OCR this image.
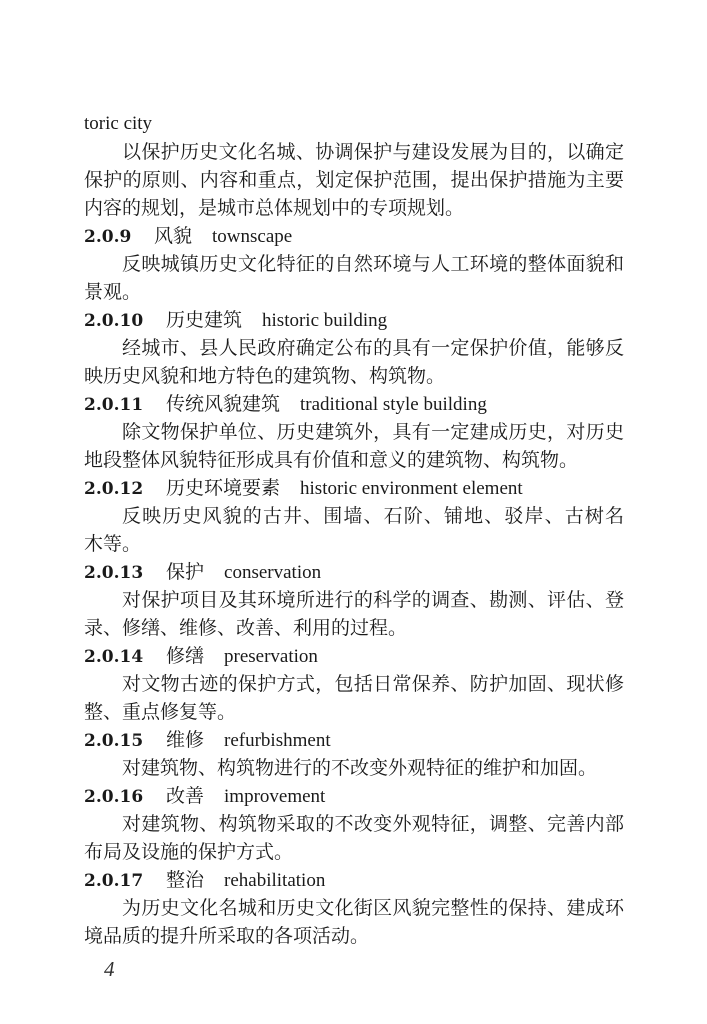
toric city
以保护历史文化名城、协调保护与建设发展为目的，以确定
保护的原则、内容和重点，划定保护范围，提出保护措施为主要
内容的规划，是城市总体规划中的专项规划。
2.0.9 风貌 townscape
反映城镇历史文化特征的自然环境与人工环境的整体面貌和
景观。
2.0.10 历史建筑 historic building
经城市、县人民政府确定公布的具有一定保护价值，能够反
映历史风貌和地方特色的建筑物、构筑物。
2.0.11 传统风貌建筑 traditional style building
除文物保护单位、历史建筑外，具有一定建成历史，对历史
地段整体风貌特征形成具有价值和意义的建筑物、构筑物。
2.0.12 历史环境要素 historic environment element
反映历史风貌的古井、围墙、石阶、铺地、驳岸、古树名
木等。
2.0.13 保护 conservation
对保护项目及其环境所进行的科学的调查、勘测、评估、登
录、修缮、维修、改善、利用的过程。
2.0.14 修缮 preservation
对文物古迹的保护方式，包括日常保养、防护加固、现状修
整、重点修复等。
2.0.15 维修 refurbishment
对建筑物、构筑物进行的不改变外观特征的维护和加固。
2.0.16 改善 improvement
对建筑物、构筑物采取的不改变外观特征，调整、完善内部
布局及设施的保护方式。
2.0.17 整治 rehabilitation
为历史文化名城和历史文化街区风貌完整性的保持、建成环
境品质的提升所采取的各项活动。
4
